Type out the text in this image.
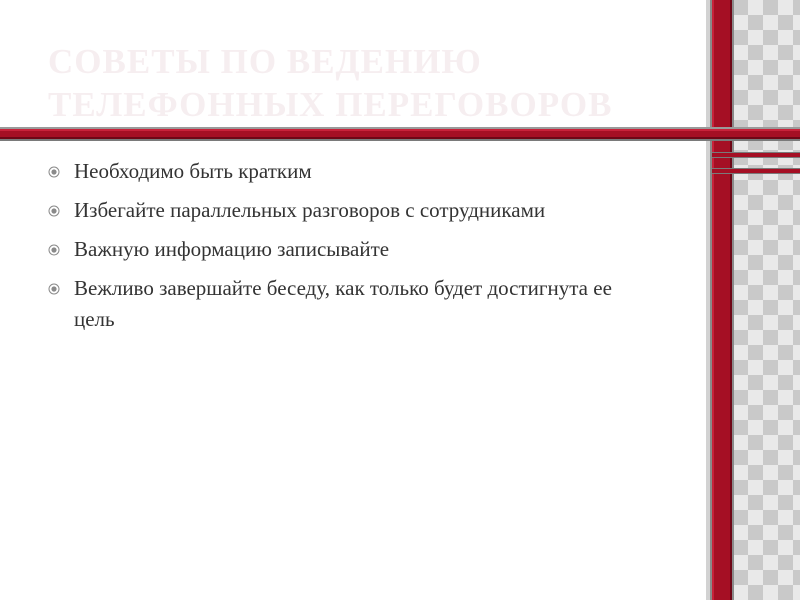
СОВЕТЫ ПО ВЕДЕНИЮ
ТЕЛЕФОННЫХ ПЕРЕГОВОРОВ
Необходимо быть кратким
Избегайте параллельных разговоров с сотрудниками
Важную информацию записывайте
Вежливо завершайте беседу, как только будет достигнута ее цель
